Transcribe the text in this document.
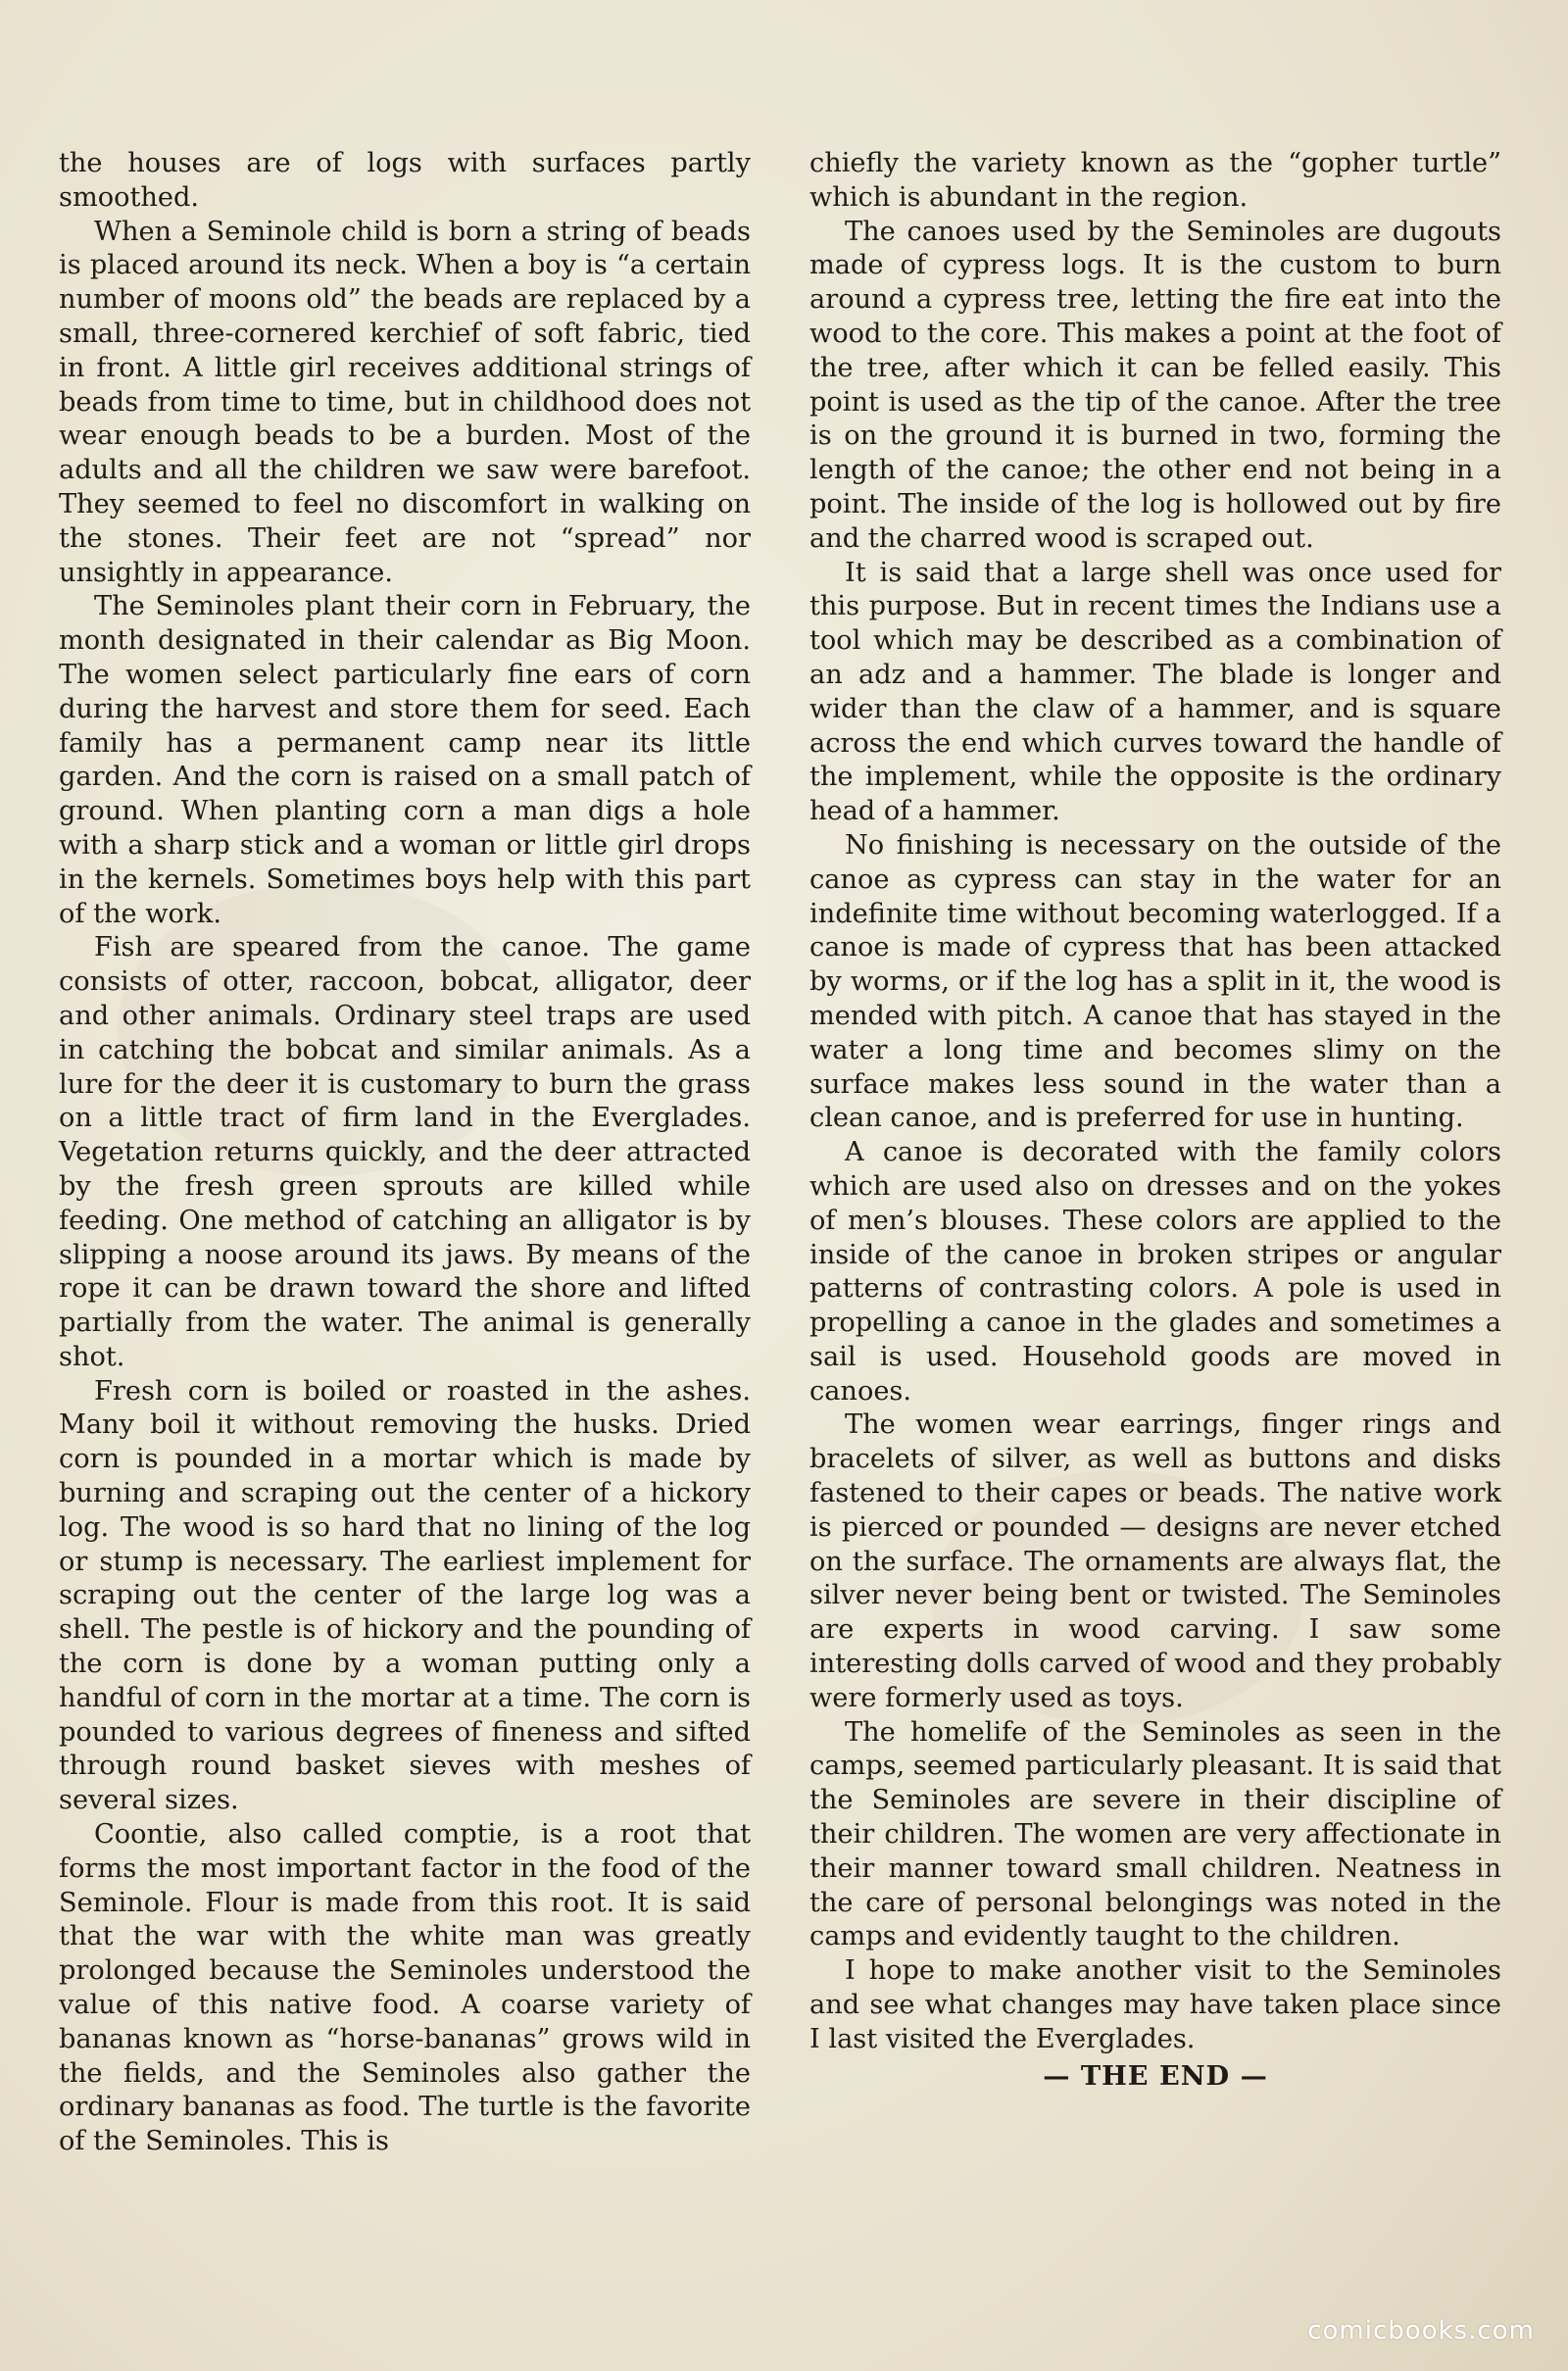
the houses are of logs with surfaces partly smoothed.

When a Seminole child is born a string of beads is placed around its neck. When a boy is “a certain number of moons old” the beads are replaced by a small, three-cornered kerchief of soft fabric, tied in front. A little girl receives additional strings of beads from time to time, but in childhood does not wear enough beads to be a burden. Most of the adults and all the children we saw were barefoot. They seemed to feel no discomfort in walking on the stones. Their feet are not “spread” nor unsightly in appearance.

The Seminoles plant their corn in February, the month designated in their calendar as Big Moon. The women select particularly fine ears of corn during the harvest and store them for seed. Each family has a permanent camp near its little garden. And the corn is raised on a small patch of ground. When planting corn a man digs a hole with a sharp stick and a woman or little girl drops in the kernels. Sometimes boys help with this part of the work.

Fish are speared from the canoe. The game consists of otter, raccoon, bobcat, alligator, deer and other animals. Ordinary steel traps are used in catching the bobcat and similar animals. As a lure for the deer it is customary to burn the grass on a little tract of firm land in the Everglades. Vegetation returns quickly, and the deer attracted by the fresh green sprouts are killed while feeding. One method of catching an alligator is by slipping a noose around its jaws. By means of the rope it can be drawn toward the shore and lifted partially from the water. The animal is generally shot.

Fresh corn is boiled or roasted in the ashes. Many boil it without removing the husks. Dried corn is pounded in a mortar which is made by burning and scraping out the center of a hickory log. The wood is so hard that no lining of the log or stump is necessary. The earliest implement for scraping out the center of the large log was a shell. The pestle is of hickory and the pounding of the corn is done by a woman putting only a handful of corn in the mortar at a time. The corn is pounded to various degrees of fineness and sifted through round basket sieves with meshes of several sizes.

Coontie, also called comptie, is a root that forms the most important factor in the food of the Seminole. Flour is made from this root. It is said that the war with the white man was greatly prolonged because the Seminoles understood the value of this native food. A coarse variety of bananas known as “horse-bananas” grows wild in the fields, and the Seminoles also gather the ordinary bananas as food. The turtle is the favorite of the Seminoles. This is

chiefly the variety known as the “gopher turtle” which is abundant in the region.

The canoes used by the Seminoles are dugouts made of cypress logs. It is the custom to burn around a cypress tree, letting the fire eat into the wood to the core. This makes a point at the foot of the tree, after which it can be felled easily. This point is used as the tip of the canoe. After the tree is on the ground it is burned in two, forming the length of the canoe; the other end not being in a point. The inside of the log is hollowed out by fire and the charred wood is scraped out.

It is said that a large shell was once used for this purpose. But in recent times the Indians use a tool which may be described as a combination of an adz and a hammer. The blade is longer and wider than the claw of a hammer, and is square across the end which curves toward the handle of the implement, while the opposite is the ordinary head of a hammer.

No finishing is necessary on the outside of the canoe as cypress can stay in the water for an indefinite time without becoming waterlogged. If a canoe is made of cypress that has been attacked by worms, or if the log has a split in it, the wood is mended with pitch. A canoe that has stayed in the water a long time and becomes slimy on the surface makes less sound in the water than a clean canoe, and is preferred for use in hunting.

A canoe is decorated with the family colors which are used also on dresses and on the yokes of men’s blouses. These colors are applied to the inside of the canoe in broken stripes or angular patterns of contrasting colors. A pole is used in propelling a canoe in the glades and sometimes a sail is used. Household goods are moved in canoes.

The women wear earrings, finger rings and bracelets of silver, as well as buttons and disks fastened to their capes or beads. The native work is pierced or pounded — designs are never etched on the surface. The ornaments are always flat, the silver never being bent or twisted. The Seminoles are experts in wood carving. I saw some interesting dolls carved of wood and they probably were formerly used as toys.

The homelife of the Seminoles as seen in the camps, seemed particularly pleasant. It is said that the Seminoles are severe in their discipline of their children. The women are very affectionate in their manner toward small children. Neatness in the care of personal belongings was noted in the camps and evidently taught to the children.

I hope to make another visit to the Seminoles and see what changes may have taken place since I last visited the Everglades.

— THE END —

comicbooks.com
